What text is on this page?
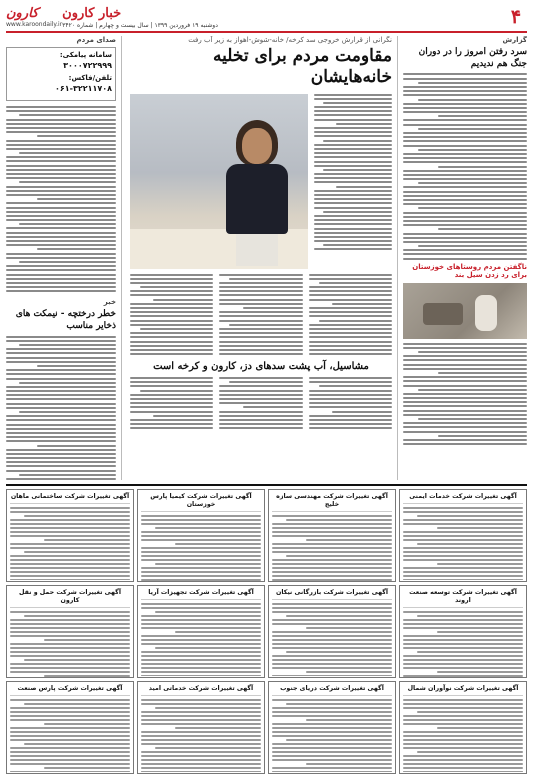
۴
خبار کارون
دوشنبه ۱۹ فروردین ۱۳۹۹ | سال بیست و چهارم | شماره ۳۴۲۰
کارون
www.karoondaily.ir
گزارش
سرد رفتن امروز را در دوران جنگ هم ندیدیم
ناگفتن مردم روستاهای خوزستان برای رد زدن سیل بند
نگرانی از قرارش خروجی سد کرخه/ خانه-شوش-اهواز به زیر آب رفت
مقاومت مردم برای تخلیه خانه‌هایشان
مشاسیل، آب پشت سدهای دز، کارون و کرخه است
صدای مردم
سامانه پیامکی:
۳۰۰۰۷۲۲۹۹۹
تلفن/فاکس:
۰۶۱-۳۲۲۱۱۷۰۸
خبر
خطر درختچه - نیمکت های ذخایر مناسب
آگهی تغییرات شرکت خدمات ایمنی
آگهی تغییرات شرکت مهندسی سازه خلیج
آگهی تغییرات شرکت کیمیا پارس خوزستان
آگهی تغییرات شرکت ساختمانی ماهان
آگهی تغییرات شرکت توسعه صنعت اروند
آگهی تغییرات شرکت بازرگانی نیکان
آگهی تغییرات شرکت تجهیزات آریا
آگهی تغییرات شرکت حمل و نقل کارون
آگهی تغییرات شرکت نوآوران شمال
آگهی تغییرات شرکت دریای جنوب
آگهی تغییرات شرکت خدماتی امید
آگهی تغییرات شرکت پارس صنعت
